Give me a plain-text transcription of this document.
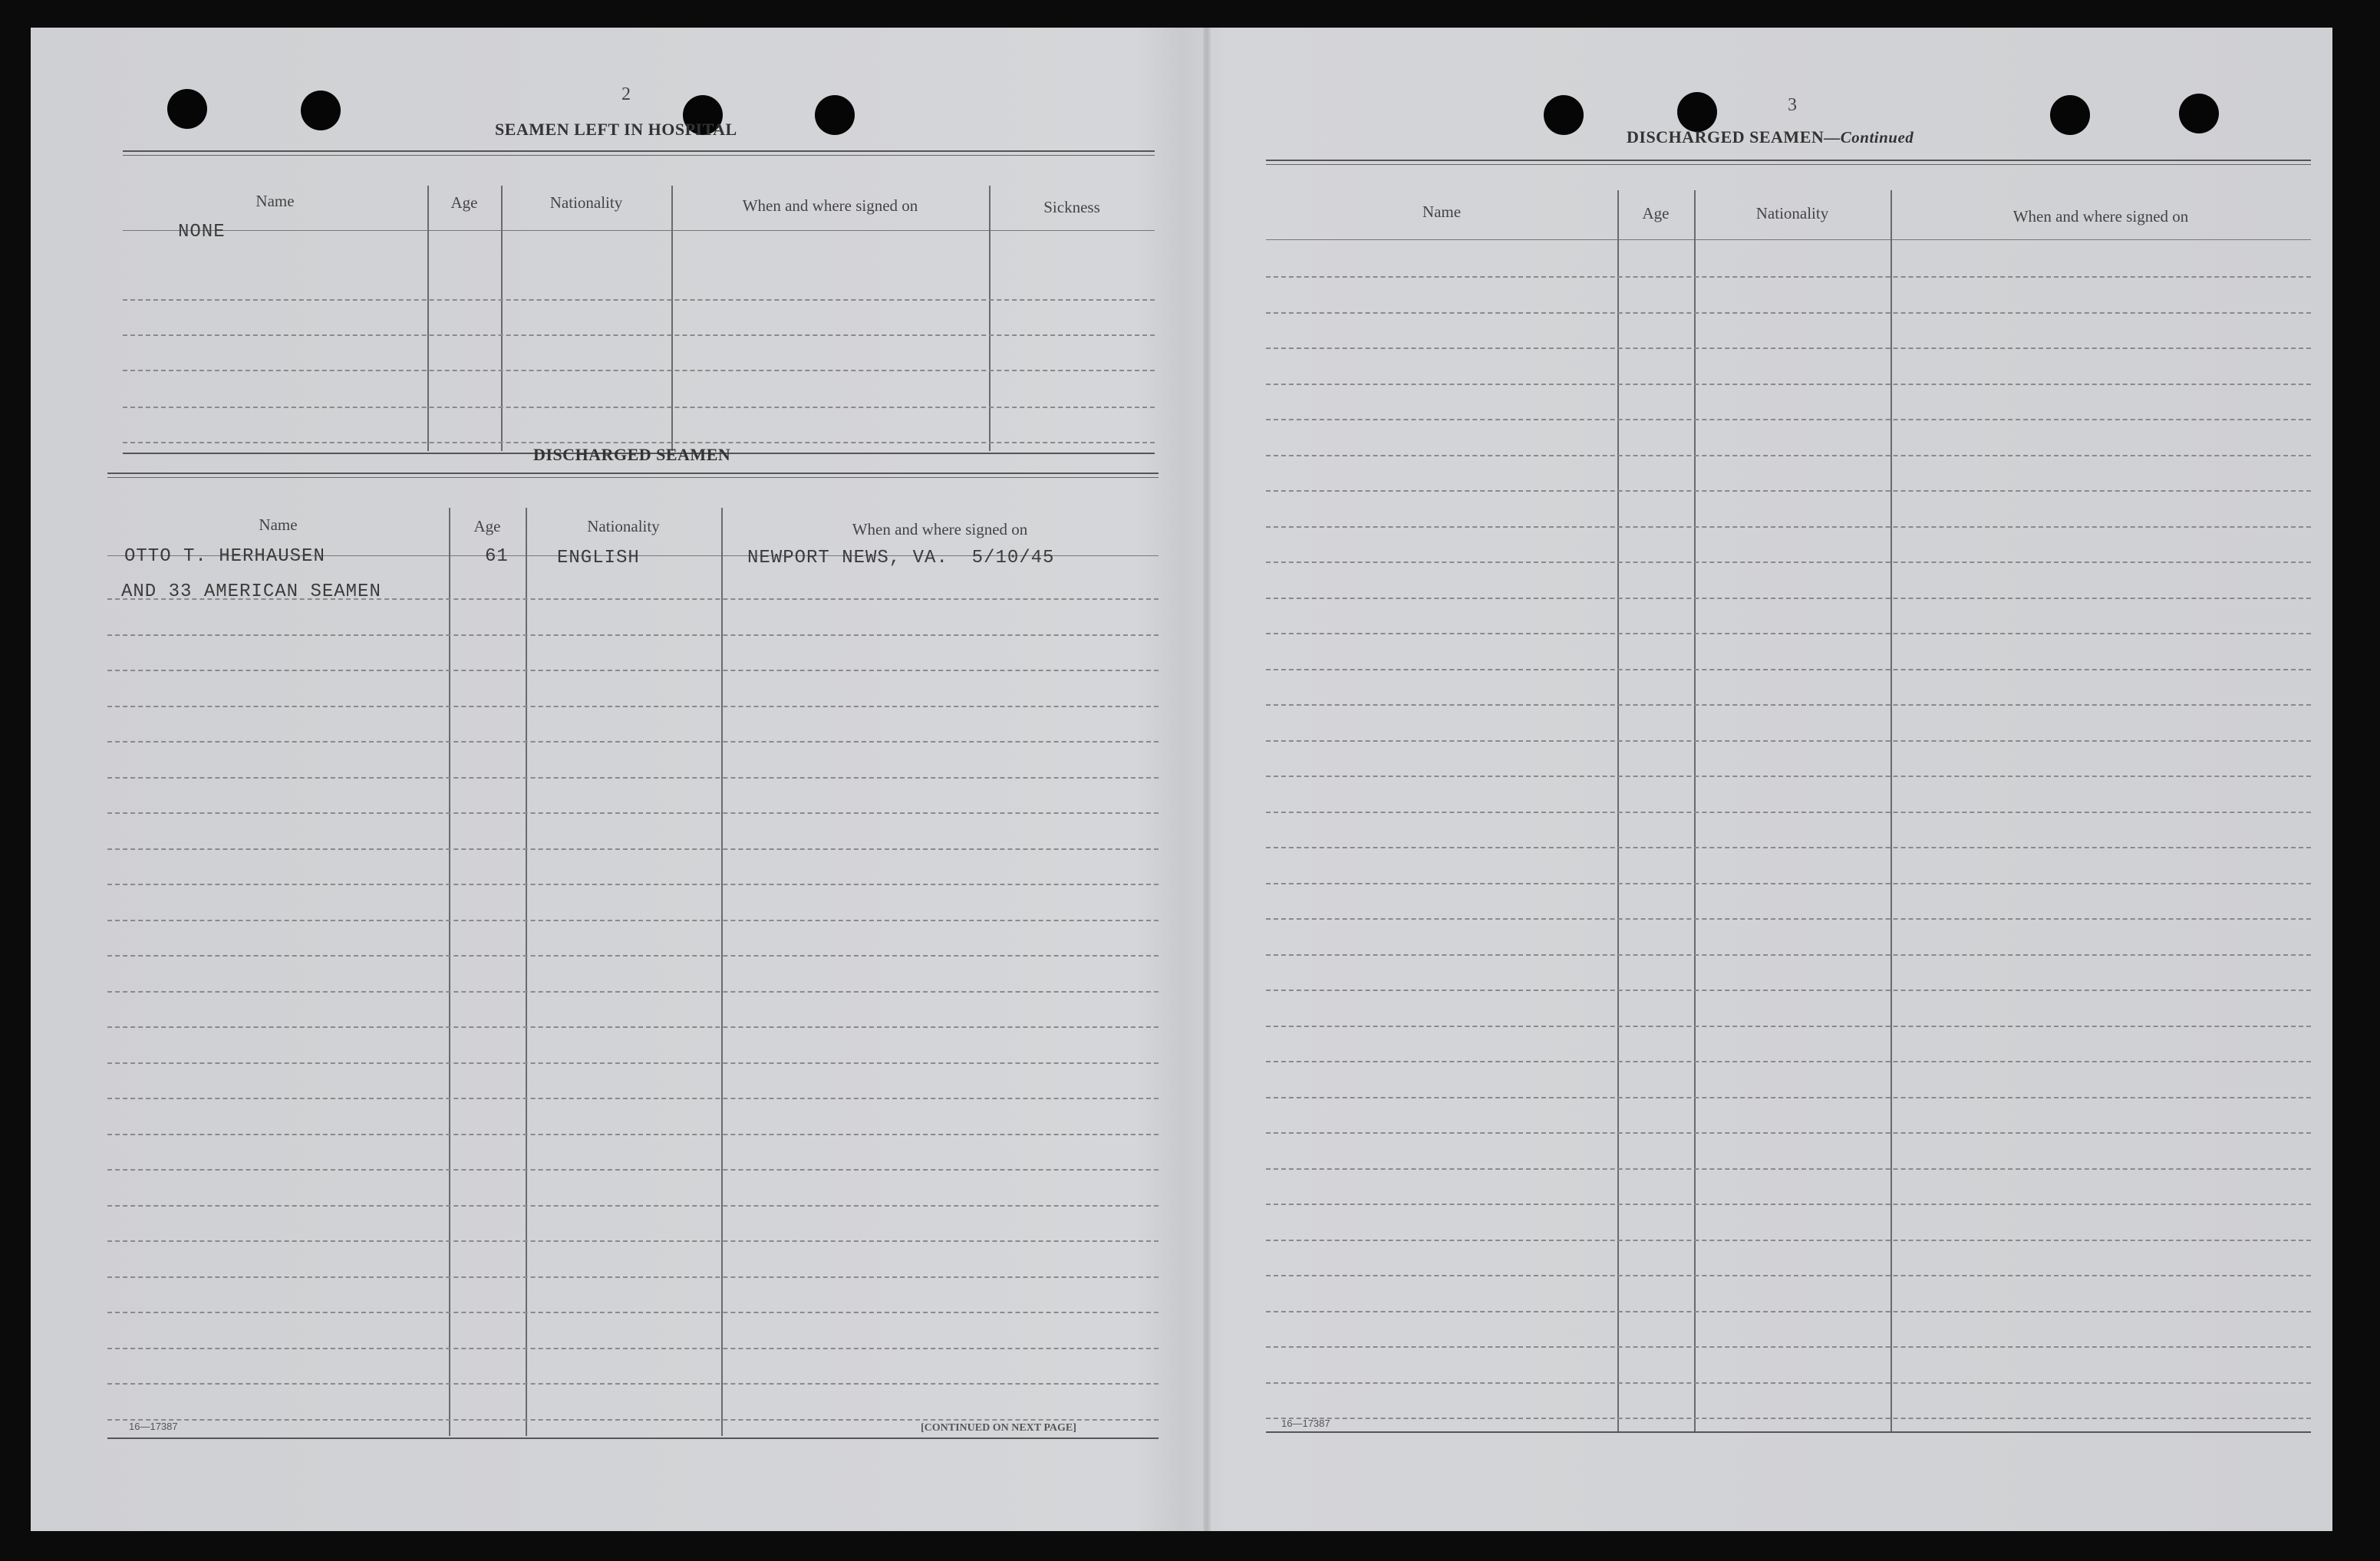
2
SEAMEN LEFT IN HOSPITAL
Name	Age	Nationality	When and where signed on	Sickness
NONE
DISCHARGED SEAMEN
Name	Age	Nationality	When and where signed on
OTTO T. HERHAUSEN	61	ENGLISH	NEWPORT NEWS, VA.  5/10/45
AND 33 AMERICAN SEAMEN
16—17387	[CONTINUED ON NEXT PAGE]
3
DISCHARGED SEAMEN—Continued
Name	Age	Nationality	When and where signed on
16—17387
